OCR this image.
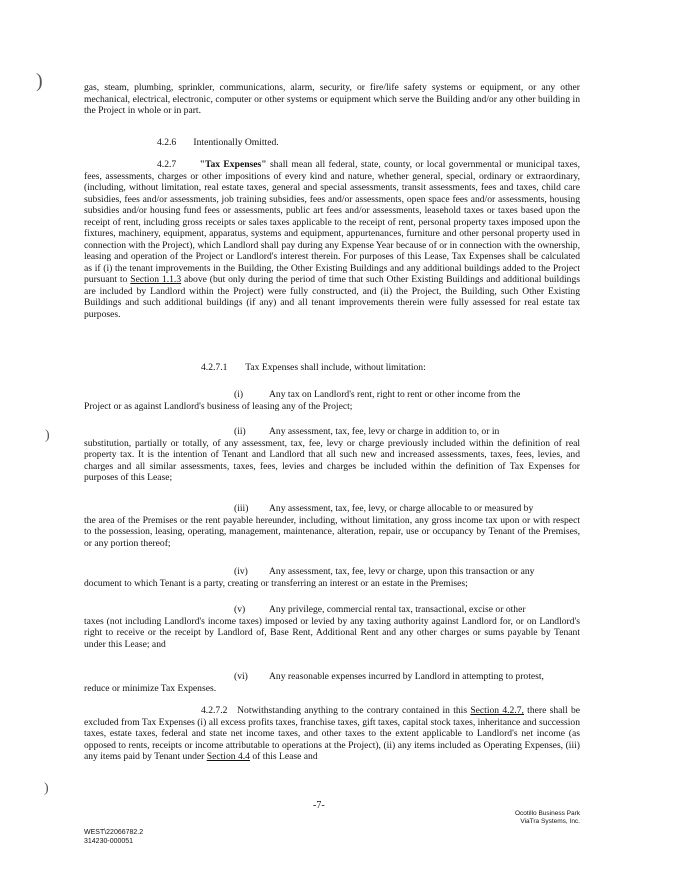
)
)
)
gas, steam, plumbing, sprinkler, communications, alarm, security, or fire/life safety systems or equipment, or any other mechanical, electrical, electronic, computer or other systems or equipment which serve the Building and/or any other building in the Project in whole or in part.
4.2.6 Intentionally Omitted.
4.2.7 "Tax Expenses" shall mean all federal, state, county, or local governmental or municipal taxes, fees, assessments, charges or other impositions of every kind and nature, whether general, special, ordinary or extraordinary, (including, without limitation, real estate taxes, general and special assessments, transit assessments, fees and taxes, child care subsidies, fees and/or assessments, job training subsidies, fees and/or assessments, open space fees and/or assessments, housing subsidies and/or housing fund fees or assessments, public art fees and/or assessments, leasehold taxes or taxes based upon the receipt of rent, including gross receipts or sales taxes applicable to the receipt of rent, personal property taxes imposed upon the fixtures, machinery, equipment, apparatus, systems and equipment, appurtenances, furniture and other personal property used in connection with the Project), which Landlord shall pay during any Expense Year because of or in connection with the ownership, leasing and operation of the Project or Landlord's interest therein. For purposes of this Lease, Tax Expenses shall be calculated as if (i) the tenant improvements in the Building, the Other Existing Buildings and any additional buildings added to the Project pursuant to Section 1.1.3 above (but only during the period of time that such Other Existing Buildings and additional buildings are included by Landlord within the Project) were fully constructed, and (ii) the Project, the Building, such Other Existing Buildings and such additional buildings (if any) and all tenant improvements therein were fully assessed for real estate tax purposes.
4.2.7.1 Tax Expenses shall include, without limitation:
(i)	Any tax on Landlord's rent, right to rent or other income from the
Project or as against Landlord's business of leasing any of the Project;
(ii) Any assessment, tax, fee, levy or charge in addition to, or in
substitution, partially or totally, of any assessment, tax, fee, levy or charge previously included within the definition of real property tax. It is the intention of Tenant and Landlord that all such new and increased assessments, taxes, fees, levies, and charges and all similar assessments, taxes, fees, levies and charges be included within the definition of Tax Expenses for purposes of this Lease;
(iii) Any assessment, tax, fee, levy, or charge allocable to or measured by
the area of the Premises or the rent payable hereunder, including, without limitation, any gross income tax upon or with respect to the possession, leasing, operating, management, maintenance, alteration, repair, use or occupancy by Tenant of the Premises, or any portion thereof;
(iv) Any assessment, tax, fee, levy or charge, upon this transaction or any
document to which Tenant is a party, creating or transferring an interest or an estate in the Premises;
(v) Any privilege, commercial rental tax, transactional, excise or other
taxes (not including Landlord's income taxes) imposed or levied by any taxing authority against Landlord for, or on Landlord's right to receive or the receipt by Landlord of, Base Rent, Additional Rent and any other charges or sums payable by Tenant under this Lease; and
(vi) Any reasonable expenses incurred by Landlord in attempting to protest,
reduce or minimize Tax Expenses.
4.2.7.2 Notwithstanding anything to the contrary contained in this Section 4.2.7, there shall be excluded from Tax Expenses (i) all excess profits taxes, franchise taxes, gift taxes, capital stock taxes, inheritance and succession taxes, estate taxes, federal and state net income taxes, and other taxes to the extent applicable to Landlord's net income (as opposed to rents, receipts or income attributable to operations at the Project), (ii) any items included as Operating Expenses, (iii) any items paid by Tenant under Section 4.4 of this Lease and
-7-
Ocotillo Business Park
ViaTra Systems, Inc.
WEST\22066782.2
314230-000051
